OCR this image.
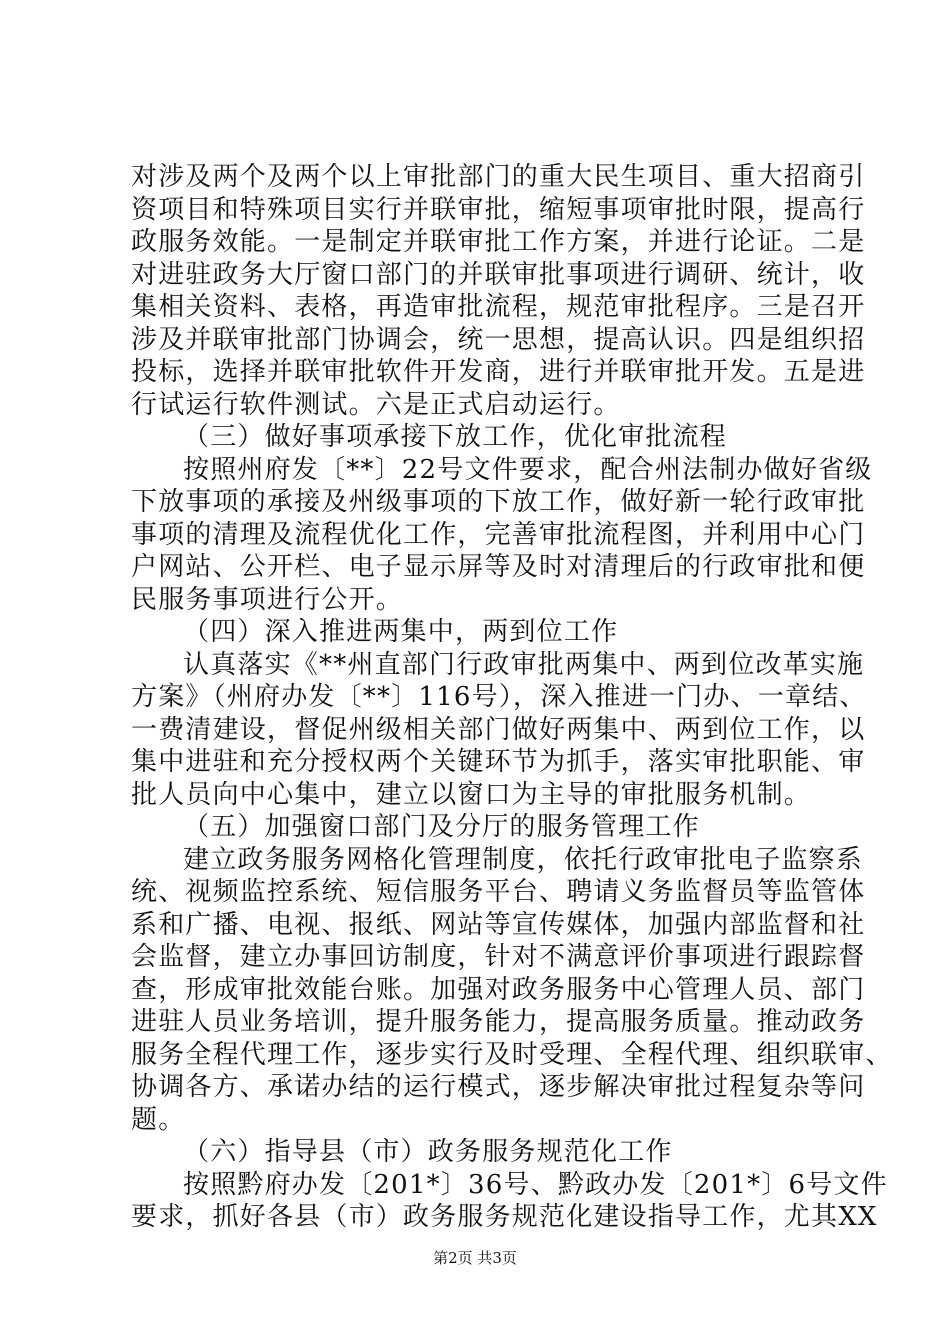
对涉及两个及两个以上审批部门的重大民生项目、重大招商引
资项目和特殊项目实行并联审批，缩短事项审批时限，提高行
政服务效能。一是制定并联审批工作方案，并进行论证。二是
对进驻政务大厅窗口部门的并联审批事项进行调研、统计，收
集相关资料、表格，再造审批流程，规范审批程序。三是召开
涉及并联审批部门协调会，统一思想，提高认识。四是组织招
投标，选择并联审批软件开发商，进行并联审批开发。五是进
行试运行软件测试。六是正式启动运行。
（三）做好事项承接下放工作，优化审批流程
按照州府发〔**〕22号文件要求，配合州法制办做好省级
下放事项的承接及州级事项的下放工作，做好新一轮行政审批
事项的清理及流程优化工作，完善审批流程图，并利用中心门
户网站、公开栏、电子显示屏等及时对清理后的行政审批和便
民服务事项进行公开。
（四）深入推进两集中，两到位工作
认真落实《**州直部门行政审批两集中、两到位改革实施
方案》（州府办发〔**〕116号），深入推进一门办、一章结、
一费清建设，督促州级相关部门做好两集中、两到位工作，以
集中进驻和充分授权两个关键环节为抓手，落实审批职能、审
批人员向中心集中，建立以窗口为主导的审批服务机制。
（五）加强窗口部门及分厅的服务管理工作
建立政务服务网格化管理制度，依托行政审批电子监察系
统、视频监控系统、短信服务平台、聘请义务监督员等监管体
系和广播、电视、报纸、网站等宣传媒体，加强内部监督和社
会监督，建立办事回访制度，针对不满意评价事项进行跟踪督
查，形成审批效能台账。加强对政务服务中心管理人员、部门
进驻人员业务培训，提升服务能力，提高服务质量。推动政务
服务全程代理工作，逐步实行及时受理、全程代理、组织联审、
协调各方、承诺办结的运行模式，逐步解决审批过程复杂等问
题。
（六）指导县（市）政务服务规范化工作
按照黔府办发〔201*〕36号、黔政办发〔201*〕6号文件
要求，抓好各县（市）政务服务规范化建设指导工作，尤其XX
第2页 共3页
